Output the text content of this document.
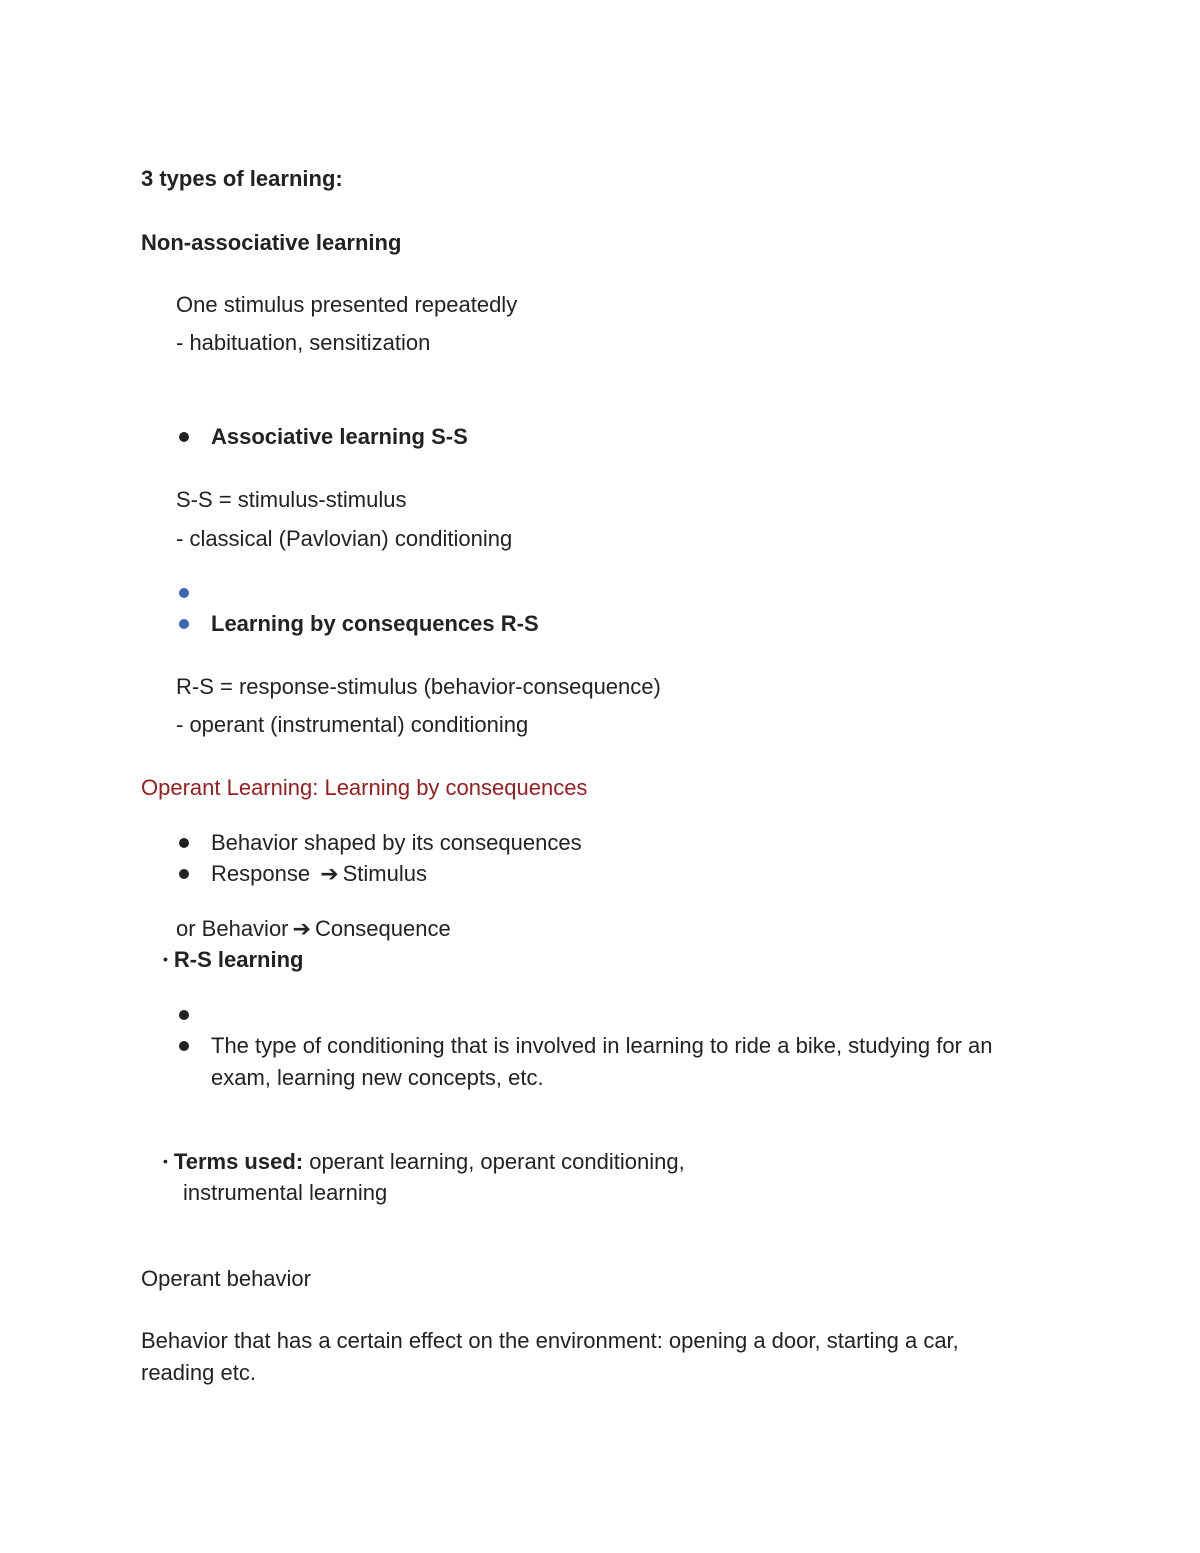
3 types of learning:
Non-associative learning
One stimulus presented repeatedly
- habituation, sensitization
Associative learning S-S
S-S = stimulus-stimulus
- classical (Pavlovian) conditioning
Learning by consequences R-S
R-S = response-stimulus (behavior-consequence)
- operant (instrumental) conditioning
Operant Learning: Learning by consequences
Behavior shaped by its consequences
Response ➔ Stimulus
or Behavior ➔ Consequence
• R-S learning
The type of conditioning that is involved in learning to ride a bike, studying for an
exam, learning new concepts, etc.
• Terms used: operant learning, operant conditioning,
instrumental learning
Operant behavior
Behavior that has a certain effect on the environment: opening a door, starting a car,
reading etc.
